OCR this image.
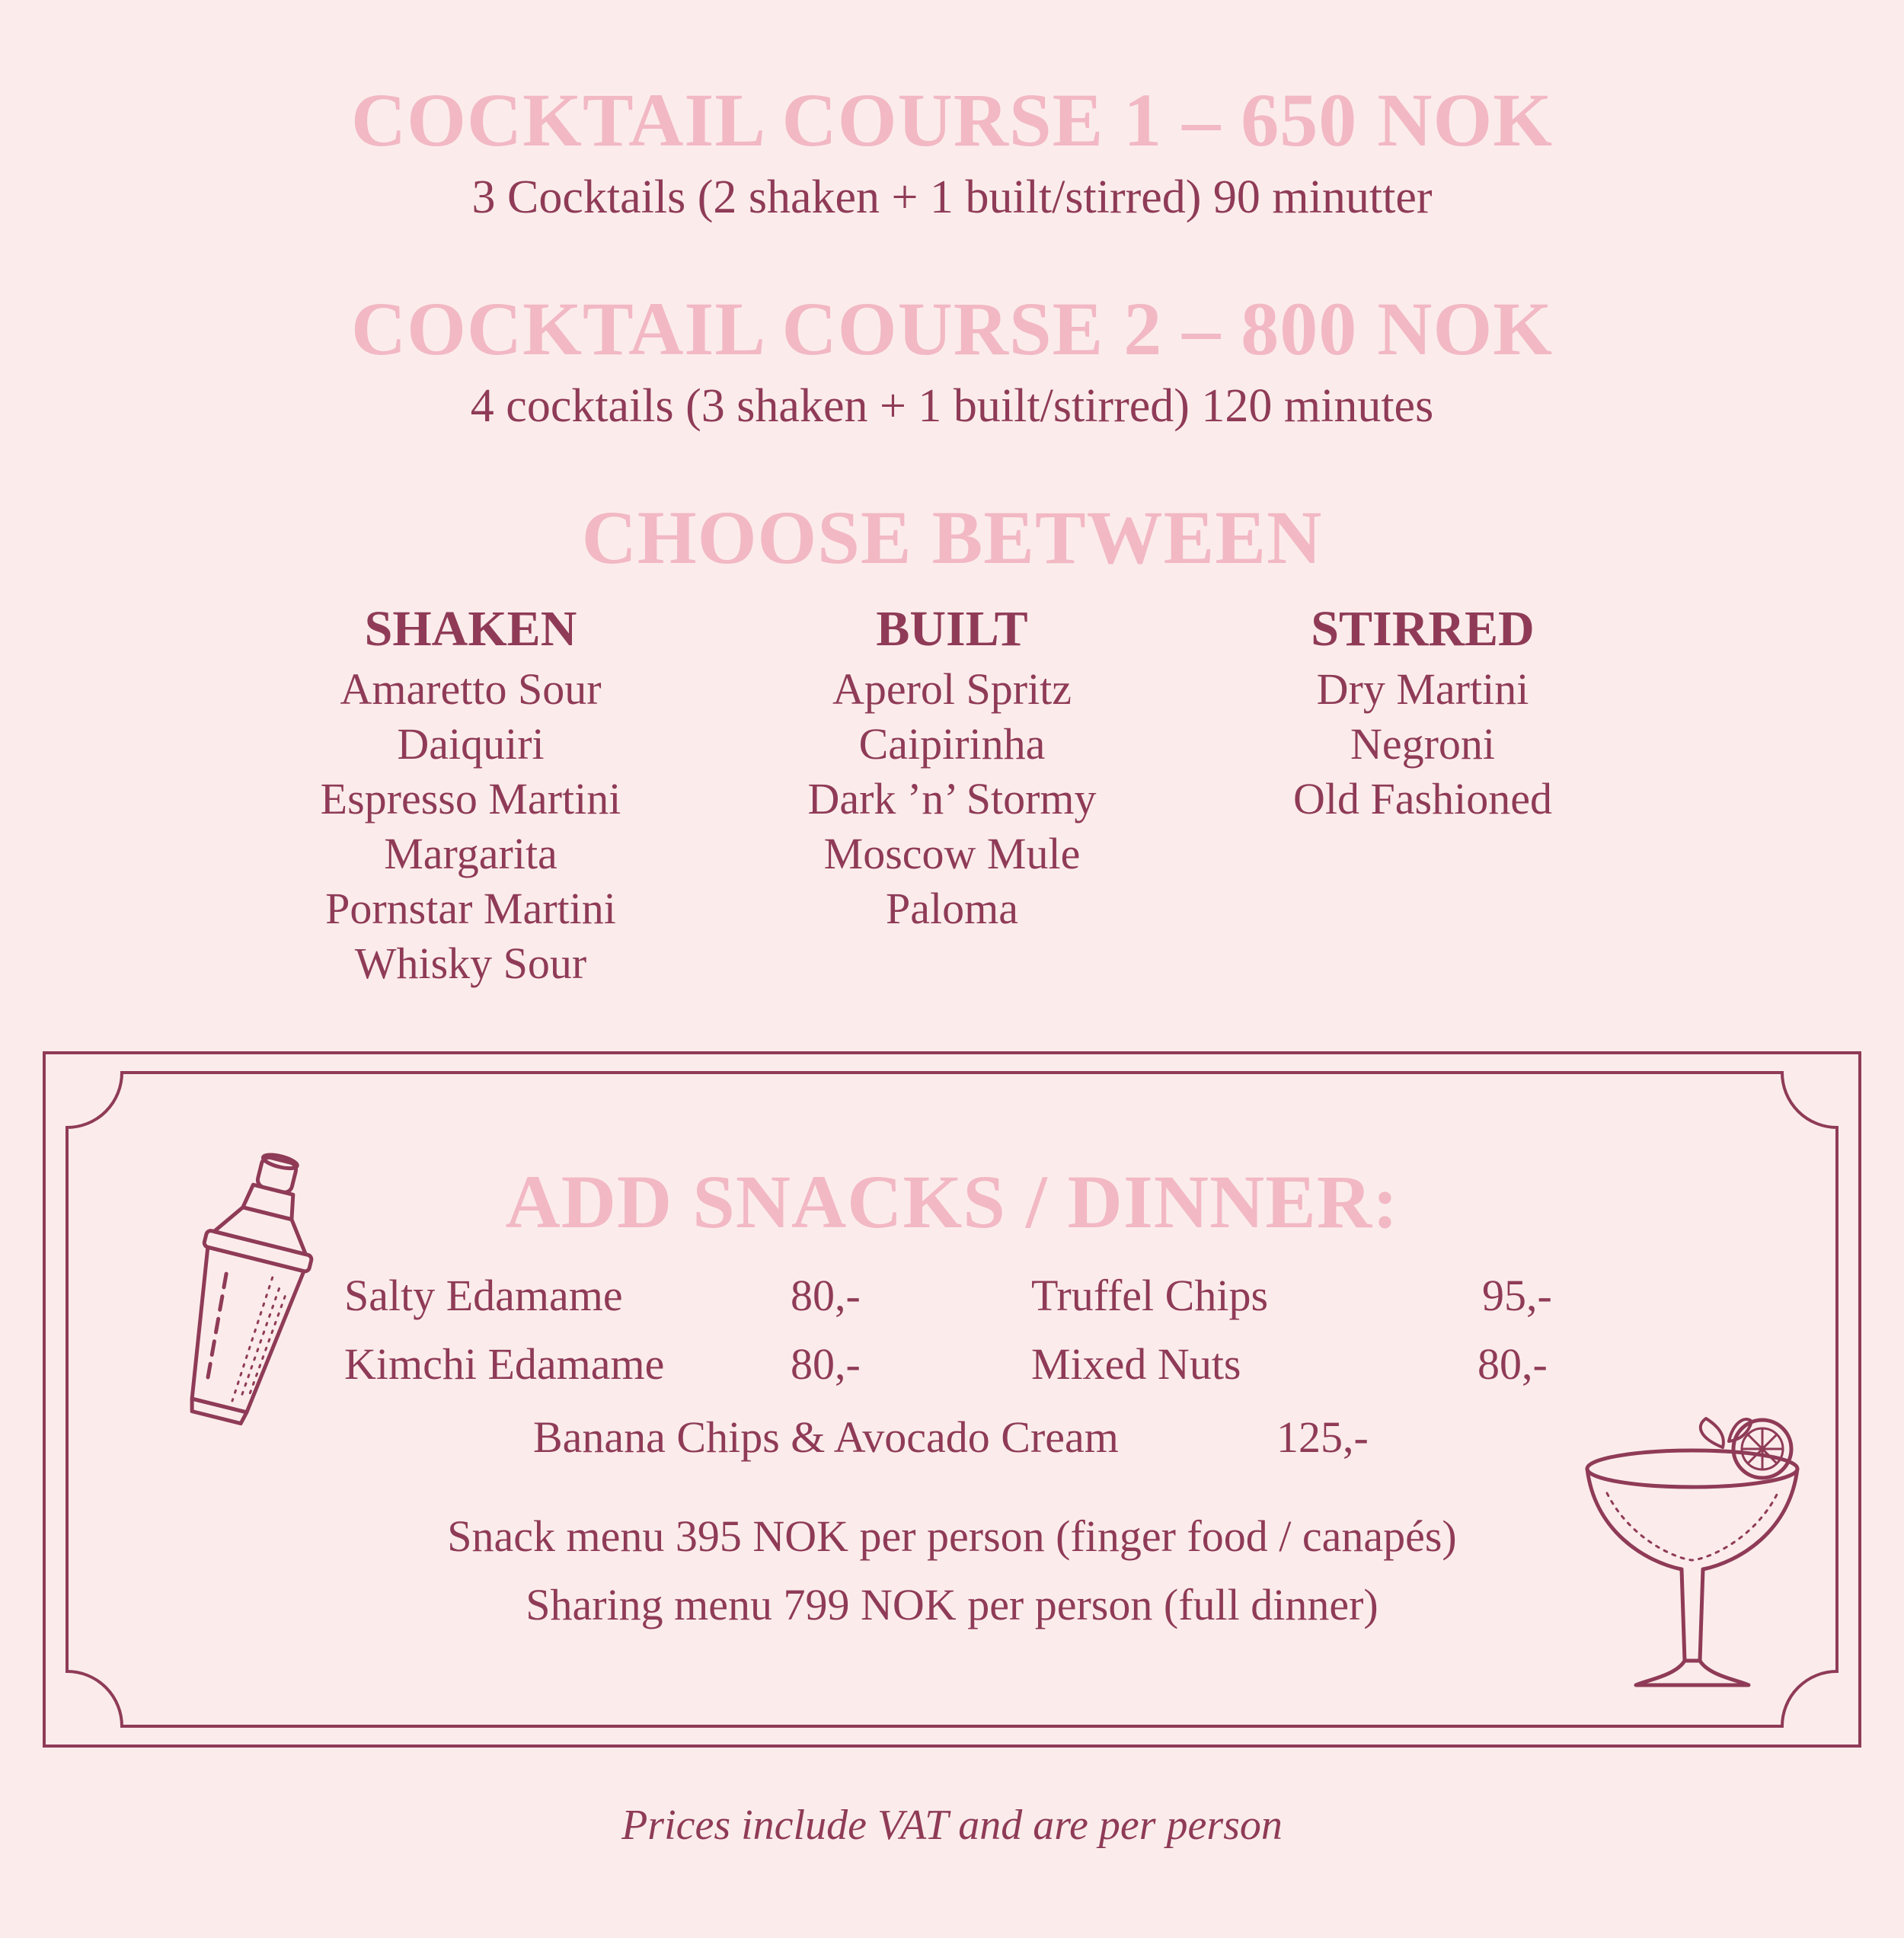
COCKTAIL COURSE 1 – 650 NOK
3 Cocktails (2 shaken + 1 built/stirred) 90 minutter
COCKTAIL COURSE 2 – 800 NOK
4 cocktails (3 shaken + 1 built/stirred) 120 minutes
CHOOSE BETWEEN
SHAKEN
Amaretto Sour
Daiquiri
Espresso Martini
Margarita
Pornstar Martini
Whisky Sour
BUILT
Aperol Spritz
Caipirinha
Dark ’n’ Stormy
Moscow Mule
Paloma
STIRRED
Dry Martini
Negroni
Old Fashioned
ADD SNACKS / DINNER:
Salty Edamame	80,-
Kimchi Edamame	80,-
Truffel Chips	95,-
Mixed Nuts	80,-
Banana Chips & Avocado Cream	125,-
Snack menu 395 NOK per person (finger food / canapés)
Sharing menu 799 NOK per person (full dinner)
Prices include VAT and are per person
